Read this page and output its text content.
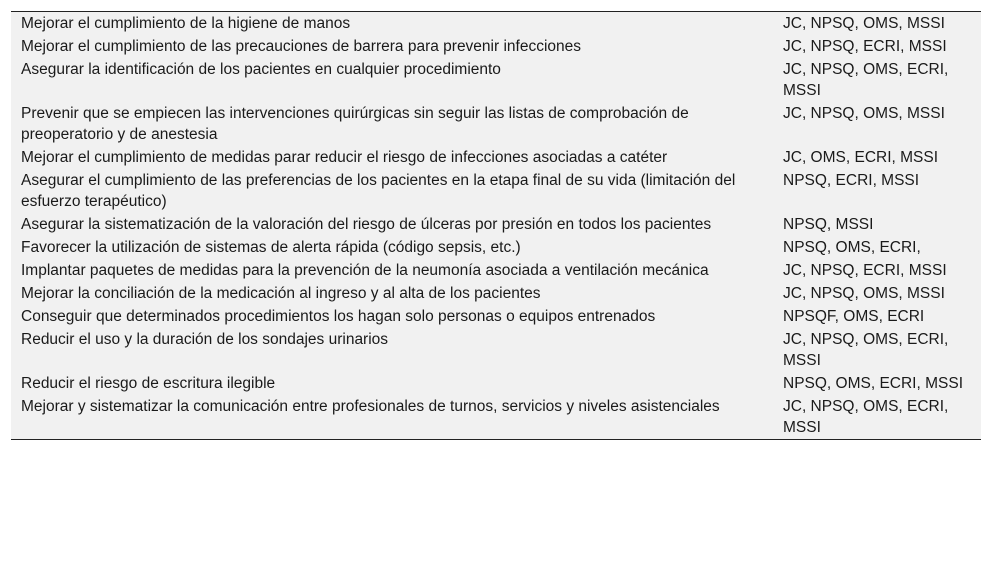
Mejorar el cumplimiento de la higiene de manos	JC, NPSQ, OMS, MSSI
Mejorar el cumplimiento de las precauciones de barrera para prevenir infecciones	JC, NPSQ, ECRI, MSSI
Asegurar la identificación de los pacientes en cualquier procedimiento	JC, NPSQ, OMS, ECRI, MSSI
Prevenir que se empiecen las intervenciones quirúrgicas sin seguir las listas de comprobación de preoperatorio y de anestesia	JC, NPSQ, OMS, MSSI
Mejorar el cumplimiento de medidas parar reducir el riesgo de infecciones asociadas a catéter	JC, OMS, ECRI, MSSI
Asegurar el cumplimiento de las preferencias de los pacientes en la etapa final de su vida (limitación del esfuerzo terapéutico)	NPSQ, ECRI, MSSI
Asegurar la sistematización de la valoración del riesgo de úlceras por presión en todos los pacientes	NPSQ, MSSI
Favorecer la utilización de sistemas de alerta rápida (código sepsis, etc.)	NPSQ, OMS, ECRI,
Implantar paquetes de medidas para la prevención de la neumonía asociada a ventilación mecánica	JC, NPSQ, ECRI, MSSI
Mejorar la conciliación de la medicación al ingreso y al alta de los pacientes	JC, NPSQ, OMS, MSSI
Conseguir que determinados procedimientos los hagan solo personas o equipos entrenados	NPSQF, OMS, ECRI
Reducir el uso y la duración de los sondajes urinarios	JC, NPSQ, OMS, ECRI, MSSI
Reducir el riesgo de escritura ilegible	NPSQ, OMS, ECRI, MSSI
Mejorar y sistematizar la comunicación entre profesionales de turnos, servicios y niveles asistenciales	JC, NPSQ, OMS, ECRI, MSSI
